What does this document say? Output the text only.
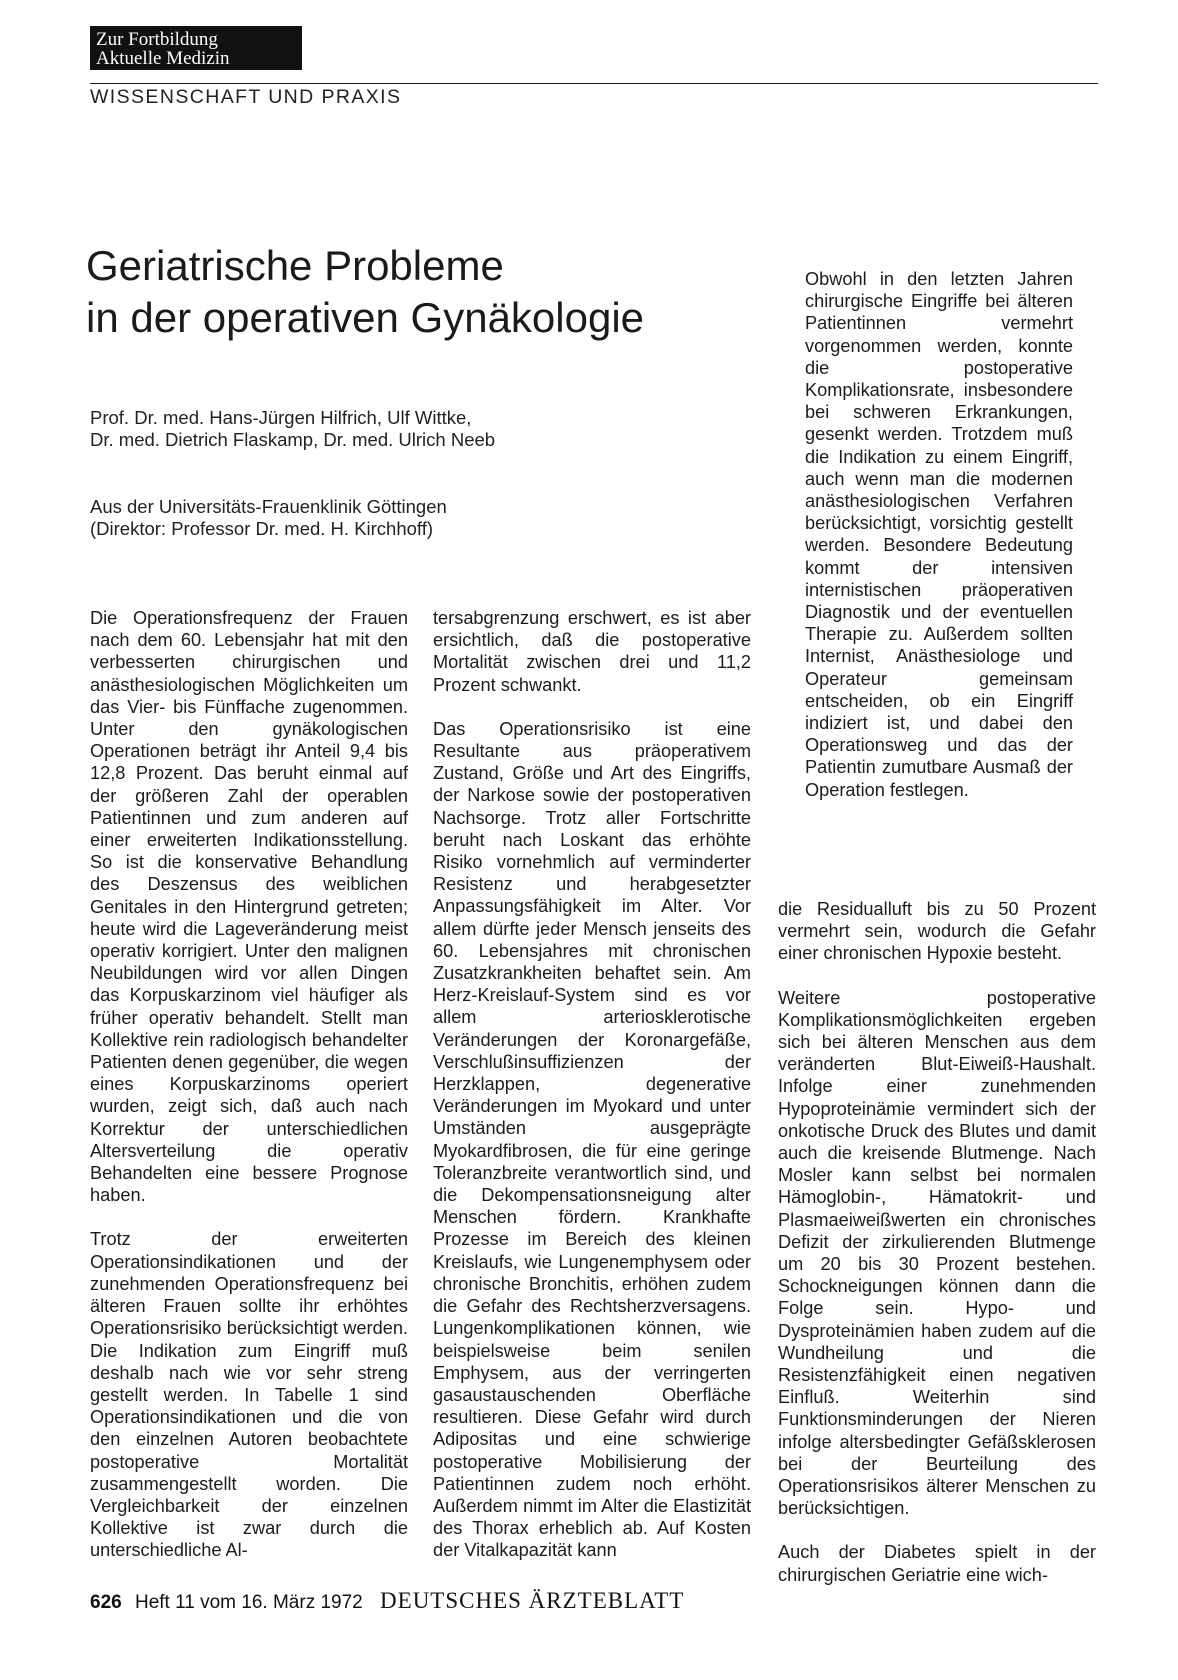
Zur Fortbildung
Aktuelle Medizin
WISSENSCHAFT UND PRAXIS
Geriatrische Probleme
in der operativen Gynäkologie
Prof. Dr. med. Hans-Jürgen Hilfrich, Ulf Wittke,
Dr. med. Dietrich Flaskamp, Dr. med. Ulrich Neeb
Aus der Universitäts-Frauenklinik Göttingen
(Direktor: Professor Dr. med. H. Kirchhoff)

Obwohl in den letzten Jahren chirurgische Eingriffe bei älteren Patientinnen vermehrt vorgenommen werden, konnte die postoperative Komplikationsrate, insbesondere bei schweren Erkrankungen, gesenkt werden. Trotzdem muß die Indikation zu einem Eingriff, auch wenn man die modernen anästhesiologischen Verfahren berücksichtigt, vorsichtig gestellt werden. Besondere Bedeutung kommt der intensiven internistischen präoperativen Diagnostik und der eventuellen Therapie zu. Außerdem sollten Internist, Anästhesiologe und Operateur gemeinsam entscheiden, ob ein Eingriff indiziert ist, und dabei den Operationsweg und das der Patientin zumutbare Ausmaß der Operation festlegen.

Die Operationsfrequenz der Frauen nach dem 60. Lebensjahr hat mit den verbesserten chirurgischen und anästhesiologischen Möglichkeiten um das Vier- bis Fünffache zugenommen. Unter den gynäkologischen Operationen beträgt ihr Anteil 9,4 bis 12,8 Prozent. Das beruht einmal auf der größeren Zahl der operablen Patientinnen und zum anderen auf einer erweiterten Indikationsstellung. So ist die konservative Behandlung des Deszensus des weiblichen Genitales in den Hintergrund getreten; heute wird die Lageveränderung meist operativ korrigiert. Unter den malignen Neubildungen wird vor allen Dingen das Korpuskarzinom viel häufiger als früher operativ behandelt. Stellt man Kollektive rein radiologisch behandelter Patienten denen gegenüber, die wegen eines Korpuskarzinoms operiert wurden, zeigt sich, daß auch nach Korrektur der unterschiedlichen Altersverteilung die operativ Behandelten eine bessere Prognose haben.

Trotz der erweiterten Operationsindikationen und der zunehmenden Operationsfrequenz bei älteren Frauen sollte ihr erhöhtes Operationsrisiko berücksichtigt werden. Die Indikation zum Eingriff muß deshalb nach wie vor sehr streng gestellt werden. In Tabelle 1 sind Operationsindikationen und die von den einzelnen Autoren beobachtete postoperative Mortalität zusammengestellt worden. Die Vergleichbarkeit der einzelnen Kollektive ist zwar durch die unterschiedliche Al-

tersabgrenzung erschwert, es ist aber ersichtlich, daß die postoperative Mortalität zwischen drei und 11,2 Prozent schwankt.

Das Operationsrisiko ist eine Resultante aus präoperativem Zustand, Größe und Art des Eingriffs, der Narkose sowie der postoperativen Nachsorge. Trotz aller Fortschritte beruht nach Loskant das erhöhte Risiko vornehmlich auf verminderter Resistenz und herabgesetzter Anpassungsfähigkeit im Alter. Vor allem dürfte jeder Mensch jenseits des 60. Lebensjahres mit chronischen Zusatzkrankheiten behaftet sein. Am Herz-Kreislauf-System sind es vor allem arteriosklerotische Veränderungen der Koronargefäße, Verschlußinsuffizienzen der Herzklappen, degenerative Veränderungen im Myokard und unter Umständen ausgeprägte Myokardfibrosen, die für eine geringe Toleranzbreite verantwortlich sind, und die Dekompensationsneigung alter Menschen fördern. Krankhafte Prozesse im Bereich des kleinen Kreislaufs, wie Lungenemphysem oder chronische Bronchitis, erhöhen zudem die Gefahr des Rechtsherzversagens. Lungenkomplikationen können, wie beispielsweise beim senilen Emphysem, aus der verringerten gasaustauschenden Oberfläche resultieren. Diese Gefahr wird durch Adipositas und eine schwierige postoperative Mobilisierung der Patientinnen zudem noch erhöht. Außerdem nimmt im Alter die Elastizität des Thorax erheblich ab. Auf Kosten der Vitalkapazität kann

die Residualluft bis zu 50 Prozent vermehrt sein, wodurch die Gefahr einer chronischen Hypoxie besteht.

Weitere postoperative Komplikationsmöglichkeiten ergeben sich bei älteren Menschen aus dem veränderten Blut-Eiweiß-Haushalt. Infolge einer zunehmenden Hypoproteinämie vermindert sich der onkotische Druck des Blutes und damit auch die kreisende Blutmenge. Nach Mosler kann selbst bei normalen Hämoglobin-, Hämatokrit- und Plasmaeiweißwerten ein chronisches Defizit der zirkulierenden Blutmenge um 20 bis 30 Prozent bestehen. Schockneigungen können dann die Folge sein. Hypo- und Dysproteinämien haben zudem auf die Wundheilung und die Resistenzfähigkeit einen negativen Einfluß. Weiterhin sind Funktionsminderungen der Nieren infolge altersbedingter Gefäßsklerosen bei der Beurteilung des Operationsrisikos älterer Menschen zu berücksichtigen.

Auch der Diabetes spielt in der chirurgischen Geriatrie eine wich-

626 Heft 11 vom 16. März 1972 DEUTSCHES ÄRZTEBLATT
